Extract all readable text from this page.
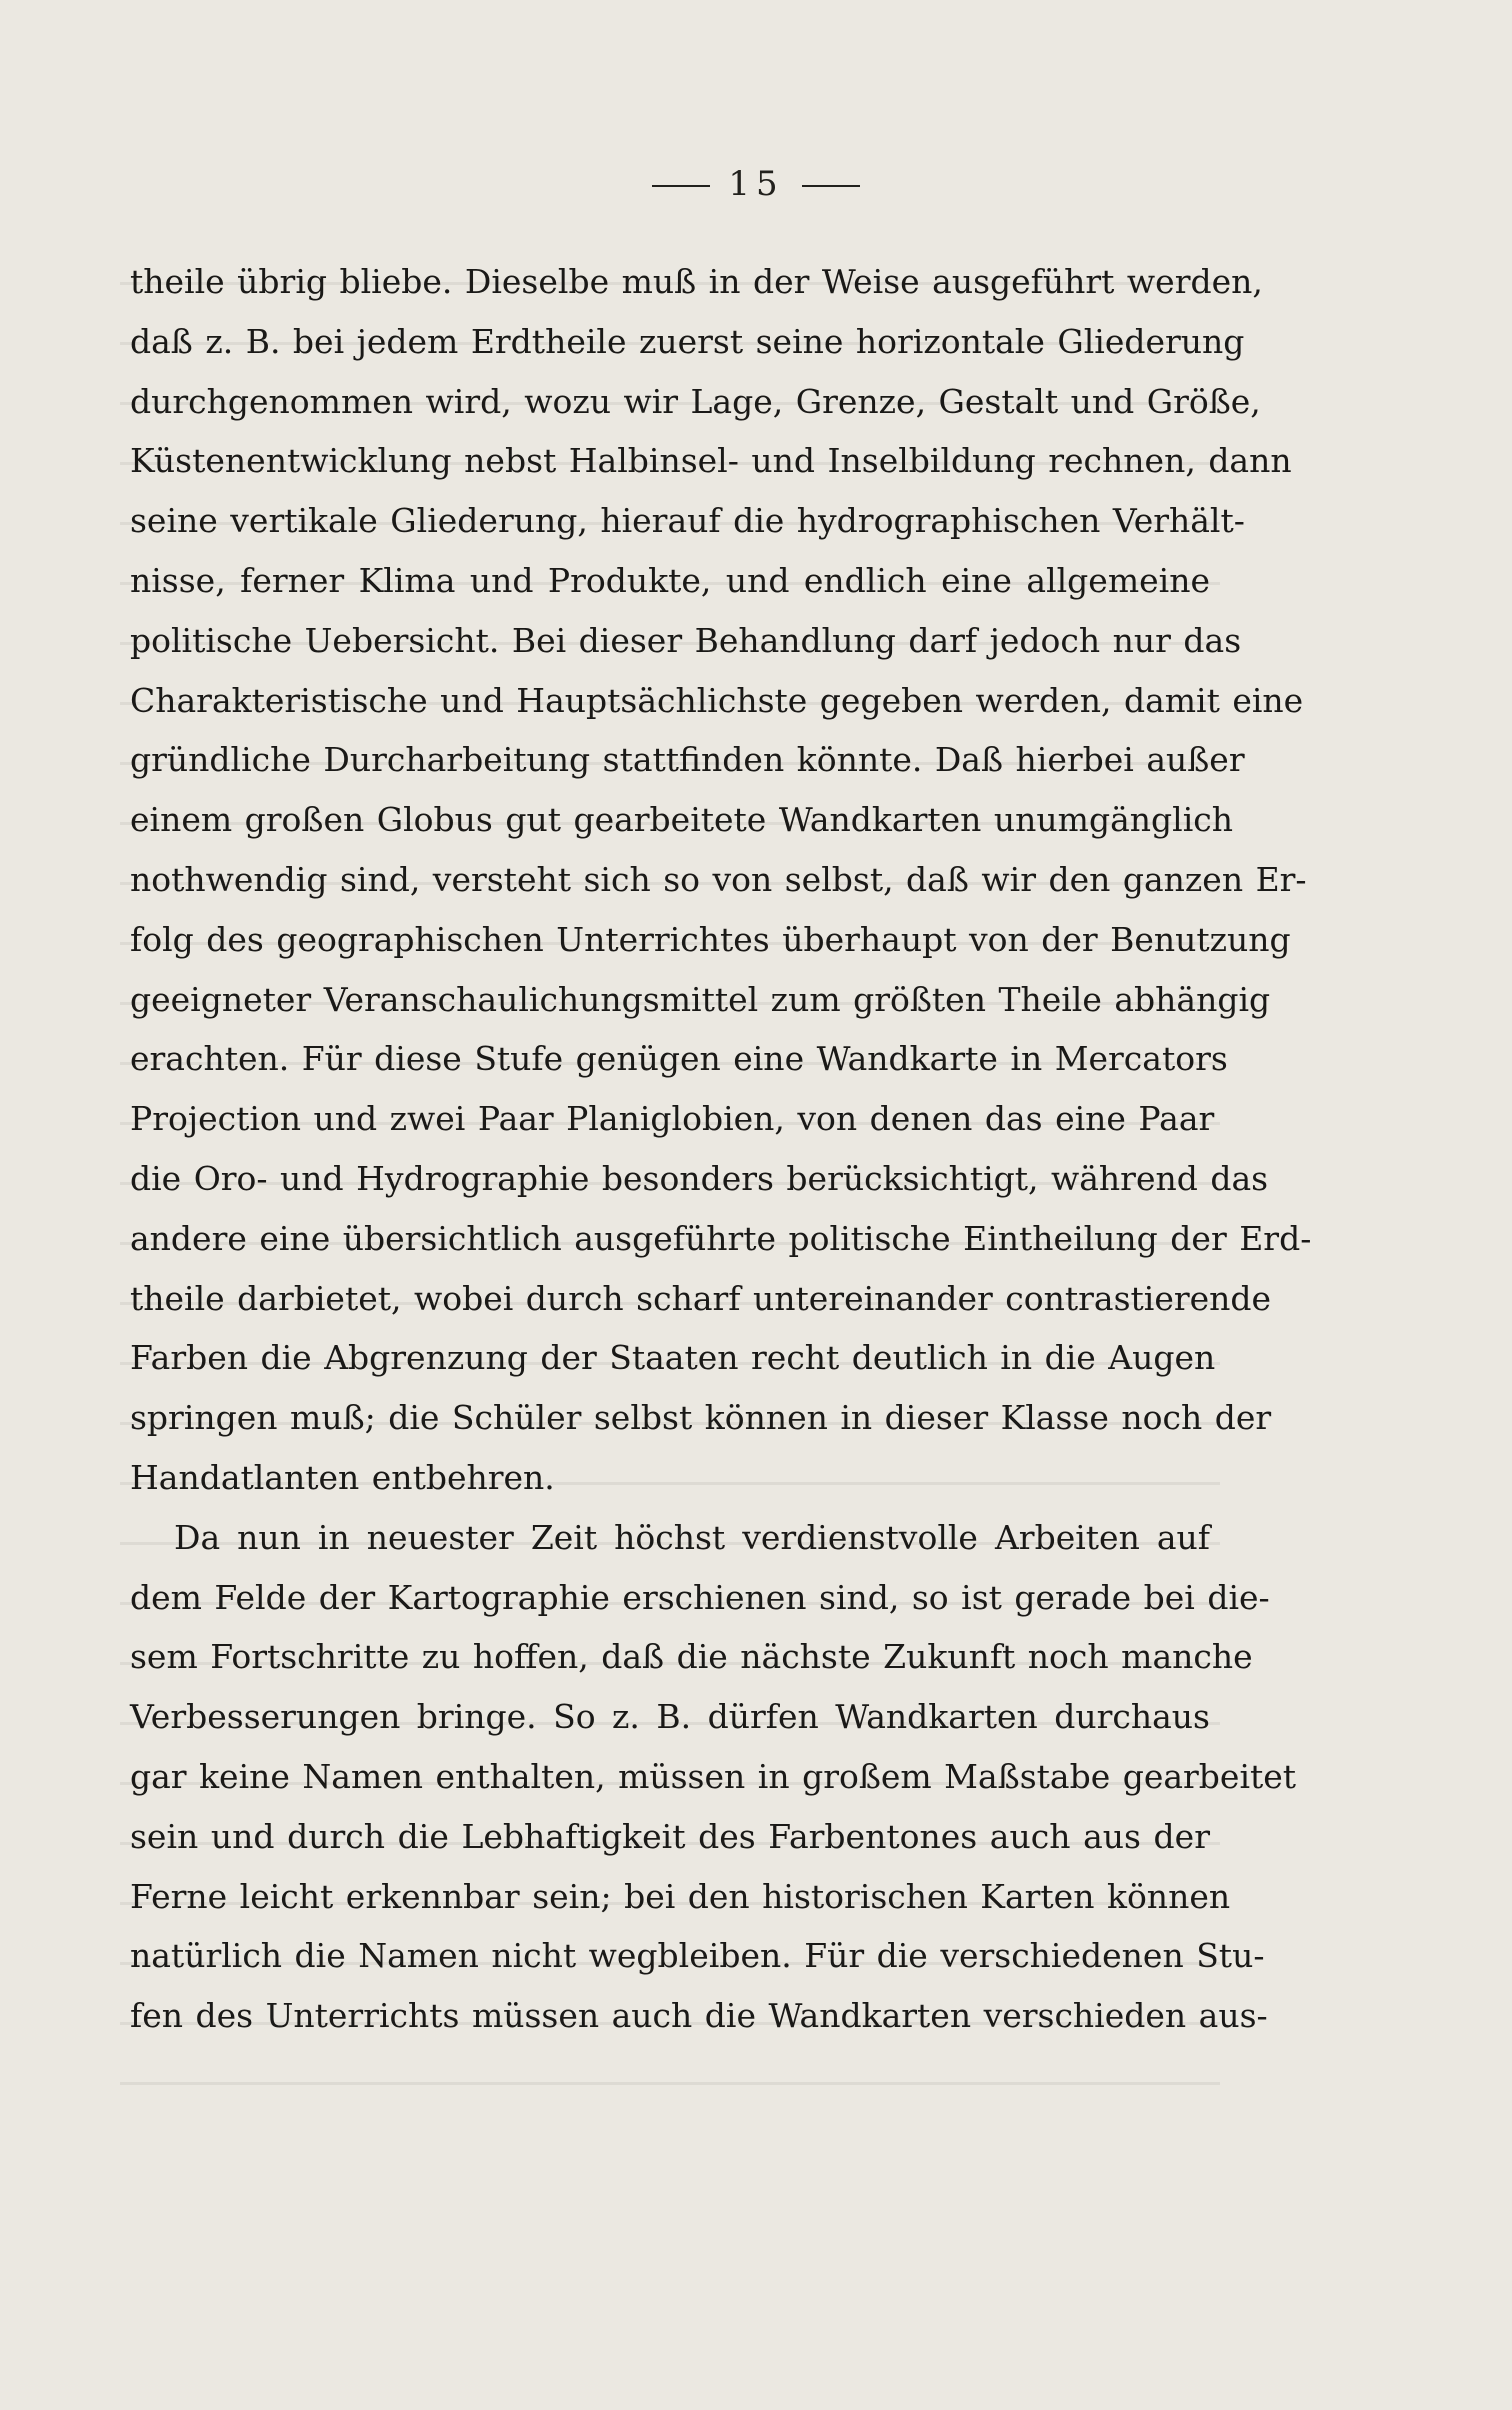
15
theile übrig bliebe. Dieselbe muß in der Weise ausgeführt werden,
daß z. B. bei jedem Erdtheile zuerst seine horizontale Gliederung
durchgenommen wird, wozu wir Lage, Grenze, Gestalt und Größe,
Küstenentwicklung nebst Halbinsel- und Inselbildung rechnen, dann
seine vertikale Gliederung, hierauf die hydrographischen Verhält-
nisse, ferner Klima und Produkte, und endlich eine allgemeine
politische Uebersicht. Bei dieser Behandlung darf jedoch nur das
Charakteristische und Hauptsächlichste gegeben werden, damit eine
gründliche Durcharbeitung stattfinden könnte. Daß hierbei außer
einem großen Globus gut gearbeitete Wandkarten unumgänglich
nothwendig sind, versteht sich so von selbst, daß wir den ganzen Er-
folg des geographischen Unterrichtes überhaupt von der Benutzung
geeigneter Veranschaulichungsmittel zum größten Theile abhängig
erachten. Für diese Stufe genügen eine Wandkarte in Mercators
Projection und zwei Paar Planiglobien, von denen das eine Paar
die Oro- und Hydrographie besonders berücksichtigt, während das
andere eine übersichtlich ausgeführte politische Eintheilung der Erd-
theile darbietet, wobei durch scharf untereinander contrastierende
Farben die Abgrenzung der Staaten recht deutlich in die Augen
springen muß; die Schüler selbst können in dieser Klasse noch der
Handatlanten entbehren.
Da nun in neuester Zeit höchst verdienstvolle Arbeiten auf
dem Felde der Kartographie erschienen sind, so ist gerade bei die-
sem Fortschritte zu hoffen, daß die nächste Zukunft noch manche
Verbesserungen bringe. So z. B. dürfen Wandkarten durchaus
gar keine Namen enthalten, müssen in großem Maßstabe gearbeitet
sein und durch die Lebhaftigkeit des Farbentones auch aus der
Ferne leicht erkennbar sein; bei den historischen Karten können
natürlich die Namen nicht wegbleiben. Für die verschiedenen Stu-
fen des Unterrichts müssen auch die Wandkarten verschieden aus-
